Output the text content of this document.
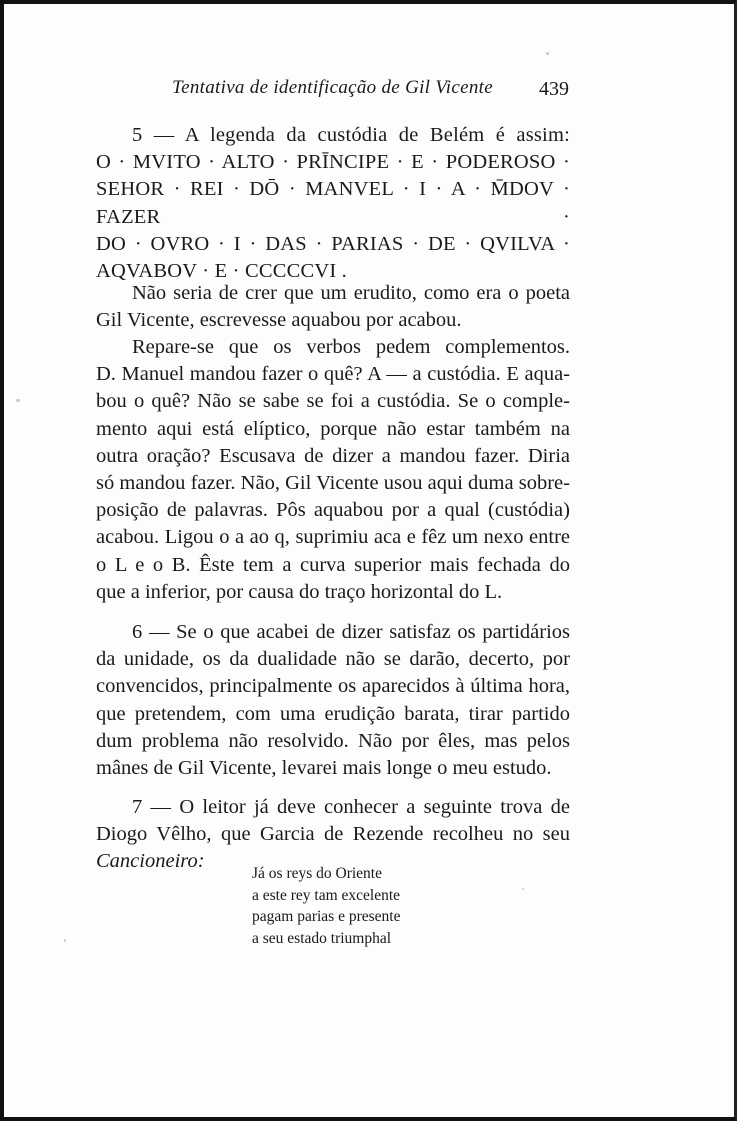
Tentativa de identificação de Gil Vicente 439

5 — A legenda da custódia de Belém é assim:

O · MVITO · ALTO · PRĪNCIPE · E · PODEROSO ·

SEHOR · REI · DŌ · MANVEL · I · A · M̄DOV · FAZER ·

DO · OVRO · I · DAS · PARIAS · DE · QVILVA ·

AQVABOV · E · CCCCCVI .

Não seria de crer que um erudito, como era o poeta

Gil Vicente, escrevesse aquabou por acabou.

Repare-se que os verbos pedem complementos.

D. Manuel mandou fazer o quê? A — a custódia. E aqua-

bou o quê? Não se sabe se foi a custódia. Se o comple-

mento aqui está elíptico, porque não estar também na

outra oração? Escusava de dizer a mandou fazer. Diria

só mandou fazer. Não, Gil Vicente usou aqui duma sobre-

posição de palavras. Pôs aquabou por a qual (custódia)

acabou. Ligou o a ao q, suprimiu aca e fêz um nexo entre

o L e o B. Êste tem a curva superior mais fechada do

que a inferior, por causa do traço horizontal do L.

6 — Se o que acabei de dizer satisfaz os partidários

da unidade, os da dualidade não se darão, decerto, por

convencidos, principalmente os aparecidos à última hora,

que pretendem, com uma erudição barata, tirar partido

dum problema não resolvido. Não por êles, mas pelos

mânes de Gil Vicente, levarei mais longe o meu estudo.

7 — O leitor já deve conhecer a seguinte trova de

Diogo Vêlho, que Garcia de Rezende recolheu no seu

Cancioneiro:

Já os reys do Oriente
a este rey tam excelente
pagam parias e presente
a seu estado triumphal
